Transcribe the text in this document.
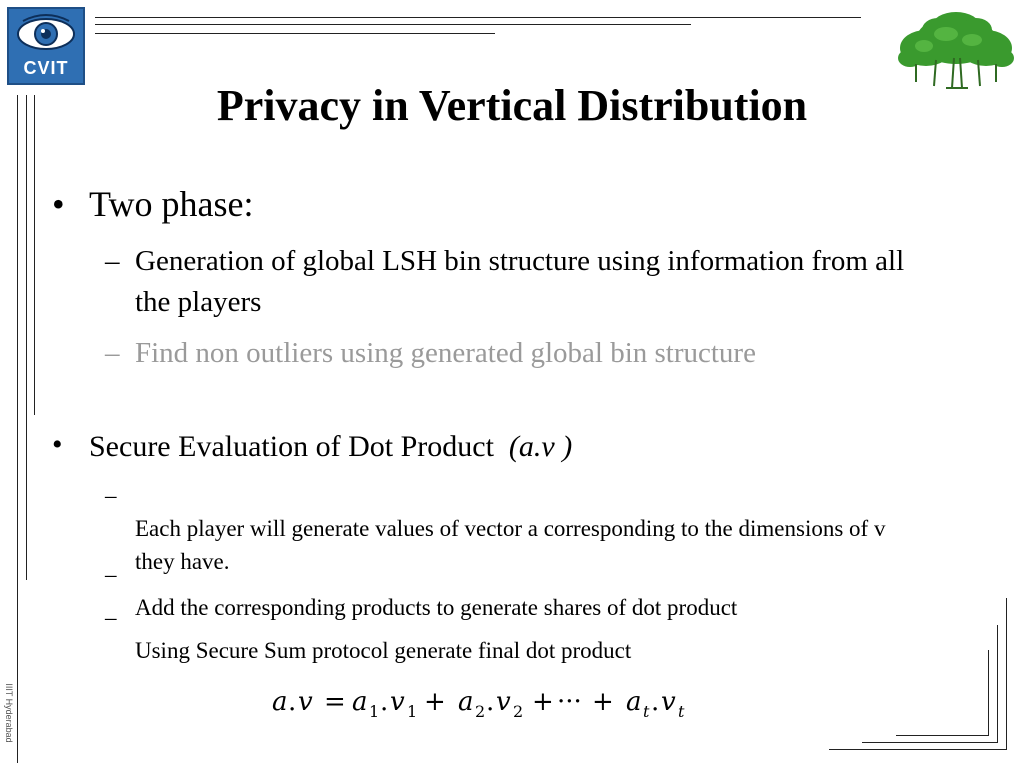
CVIT
Privacy in Vertical Distribution
• Two phase:
– Generation of global LSH bin structure using information from all the players
– Find non outliers using generated global bin structure
• Secure Evaluation of Dot Product (a.v )
–
Each player will generate values of vector a corresponding to the dimensions of v they have.
–
Add the corresponding products to generate shares of dot product
–
Using Secure Sum protocol generate final dot product
a . v = a 1 . v 1 + a 2 . v 2 + ··· + a t . v t
IIIT Hyderabad
